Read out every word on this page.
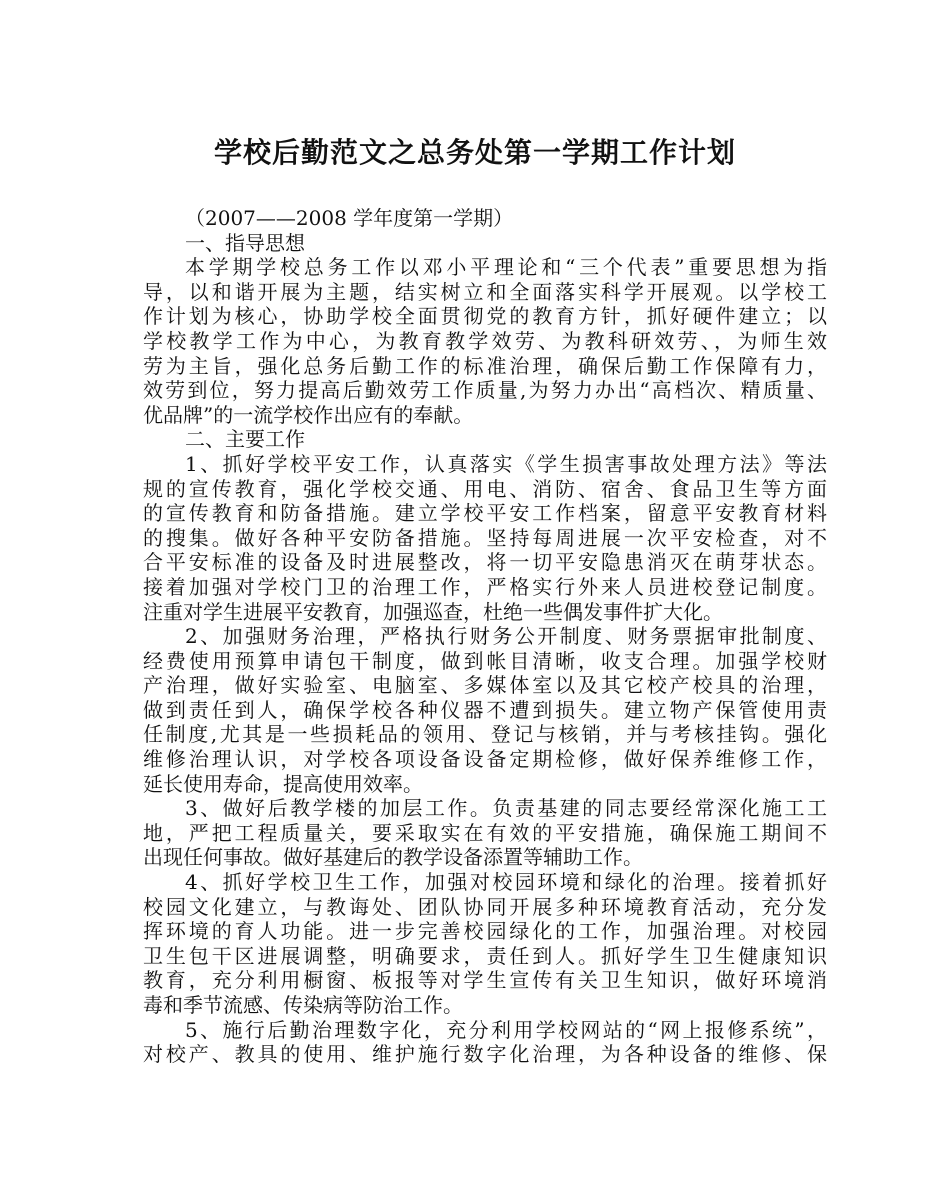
学校后勤范文之总务处第一学期工作计划
（2007——2008 学年度第一学期）
一、指导思想
本学期学校总务工作以邓小平理论和“三个代表”重要思想为指
导，以和谐开展为主题，结实树立和全面落实科学开展观。以学校工
作计划为核心，协助学校全面贯彻党的教育方针，抓好硬件建立；以
学校教学工作为中心，为教育教学效劳、为教科研效劳、，为师生效
劳为主旨，强化总务后勤工作的标准治理，确保后勤工作保障有力，
效劳到位，努力提高后勤效劳工作质量,为努力办出“高档次、精质量、
优品牌”的一流学校作出应有的奉献。
二、主要工作
1、抓好学校平安工作，认真落实《学生损害事故处理方法》等法
规的宣传教育，强化学校交通、用电、消防、宿舍、食品卫生等方面
的宣传教育和防备措施。建立学校平安工作档案，留意平安教育材料
的搜集。做好各种平安防备措施。坚持每周进展一次平安检查，对不
合平安标准的设备及时进展整改，将一切平安隐患消灭在萌芽状态。
接着加强对学校门卫的治理工作，严格实行外来人员进校登记制度。
注重对学生进展平安教育，加强巡查，杜绝一些偶发事件扩大化。
2、加强财务治理，严格执行财务公开制度、财务票据审批制度、
经费使用预算申请包干制度，做到帐目清晰，收支合理。加强学校财
产治理，做好实验室、电脑室、多媒体室以及其它校产校具的治理，
做到责任到人，确保学校各种仪器不遭到损失。建立物产保管使用责
任制度,尤其是一些损耗品的领用、登记与核销，并与考核挂钩。强化
维修治理认识，对学校各项设备设备定期检修，做好保养维修工作，
延长使用寿命，提高使用效率。
3、做好后教学楼的加层工作。负责基建的同志要经常深化施工工
地，严把工程质量关，要采取实在有效的平安措施，确保施工期间不
出现任何事故。做好基建后的教学设备添置等辅助工作。
4、抓好学校卫生工作，加强对校园环境和绿化的治理。接着抓好
校园文化建立，与教诲处、团队协同开展多种环境教育活动，充分发
挥环境的育人功能。进一步完善校园绿化的工作，加强治理。对校园
卫生包干区进展调整，明确要求，责任到人。抓好学生卫生健康知识
教育，充分利用橱窗、板报等对学生宣传有关卫生知识，做好环境消
毒和季节流感、传染病等防治工作。
5、施行后勤治理数字化，充分利用学校网站的“网上报修系统”，
对校产、教具的使用、维护施行数字化治理，为各种设备的维修、保
